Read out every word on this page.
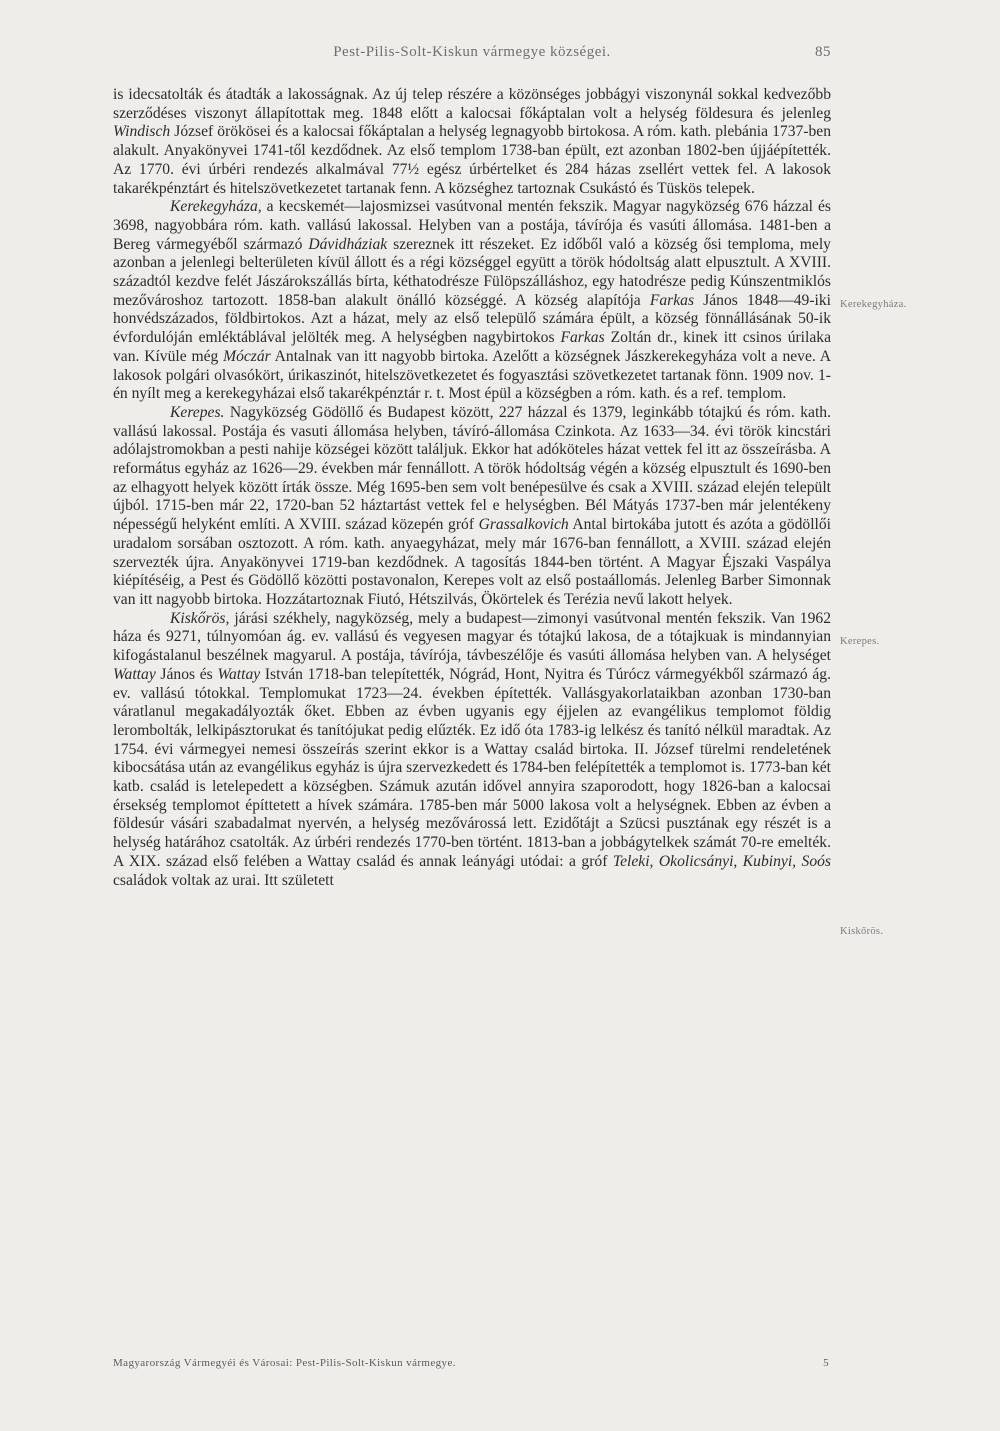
Pest-Pilis-Solt-Kiskun vármegye községei.	85

is idecsatolták és átadták a lakosságnak. Az új telep részére a közönséges jobbágyi viszonynál sokkal kedvezőbb szerződéses viszonyt állapítottak meg. 1848 előtt a kalocsai főkáptalan volt a helység földesura és jelenleg Windisch József örökösei és a kalocsai főkáptalan a helység legnagyobb birtokosa. A róm. kath. plebánia 1737-ben alakult. Anyakönyvei 1741-től kezdődnek. Az első templom 1738-ban épült, ezt azonban 1802-ben újjáépítették. Az 1770. évi úrbéri rendezés alkalmával 77½ egész úrbértelket és 284 házas zsellért vettek fel. A lakosok takarékpénztárt és hitelszövetkezetet tartanak fenn. A községhez tartoznak Csukástó és Tüskös telepek.

Kerekegyháza, a kecskemét—lajosmizsei vasútvonal mentén fekszik. Magyar nagyközség 676 házzal és 3698, nagyobbára róm. kath. vallású lakossal. Helyben van a postája, távírója és vasúti állomása. 1481-ben a Bereg vármegyéből származó Dávidháziak szereznek itt részeket. Ez időből való a község ősi temploma, mely azonban a jelenlegi belterületen kívül állott és a régi községgel együtt a török hódoltság alatt elpusztult. A XVIII. századtól kezdve felét Jászárokszállás bírta, kéthatodrésze Fülöpszálláshoz, egy hatodrésze pedig Kúnszentmiklós mezővároshoz tartozott. 1858-ban alakult önálló községgé. A község alapítója Farkas János 1848—49-iki honvédszázados, földbirtokos. Azt a házat, mely az első települő számára épült, a község fönnállásának 50-ik évfordulóján emléktáblával jelölték meg. A helységben nagybirtokos Farkas Zoltán dr., kinek itt csinos úrilaka van. Kívüle még Móczár Antalnak van itt nagyobb birtoka. Azelőtt a községnek Jászkerekegyháza volt a neve. A lakosok polgári olvasókört, úrikaszinót, hitelszövetkezetet és fogyasztási szövetkezetet tartanak fönn. 1909 nov. 1-én nyílt meg a kerekegyházai első takarékpénztár r. t. Most épül a községben a róm. kath. és a ref. templom.

Kerepes. Nagyközség Gödöllő és Budapest között, 227 házzal és 1379, leginkább tótajkú és róm. kath. vallású lakossal. Postája és vasuti állomása helyben, távíró-állomása Czinkota. Az 1633—34. évi török kincstári adólajstromokban a pesti nahije községei között találjuk. Ekkor hat adóköteles házat vettek fel itt az összeírásba. A református egyház az 1626—29. években már fennállott. A török hódoltság végén a község elpusztult és 1690-ben az elhagyott helyek között írták össze. Még 1695-ben sem volt benépesülve és csak a XVIII. század elején települt újból. 1715-ben már 22, 1720-ban 52 háztartást vettek fel e helységben. Bél Mátyás 1737-ben már jelentékeny népességű helyként említi. A XVIII. század közepén gróf Grassalkovich Antal birtokába jutott és azóta a gödöllői uradalom sorsában osztozott. A róm. kath. anyaegyházat, mely már 1676-ban fennállott, a XVIII. század elején szervezték újra. Anyakönyvei 1719-ban kezdődnek. A tagosítás 1844-ben történt. A Magyar Éjszaki Vaspálya kiépítéséig, a Pest és Gödöllő közötti postavonalon, Kerepes volt az első postaállomás. Jelenleg Barber Simonnak van itt nagyobb birtoka. Hozzátartoznak Fiutó, Hétszilvás, Ökörtelek és Terézia nevű lakott helyek.

Kiskőrös, járási székhely, nagyközség, mely a budapest—zimonyi vasútvonal mentén fekszik. Van 1962 háza és 9271, túlnyomóan ág. ev. vallású és vegyesen magyar és tótajkú lakosa, de a tótajkuak is mindannyian kifogástalanul beszélnek magyarul. A postája, távírója, távbeszélője és vasúti állomása helyben van. A helységet Wattay János és Wattay István 1718-ban telepítették, Nógrád, Hont, Nyitra és Túrócz vármegyékből származó ág. ev. vallású tótokkal. Templomukat 1723—24. években építették. Vallásgyakorlataikban azonban 1730-ban váratlanul megakadályozták őket. Ebben az évben ugyanis egy éjjelen az evangélikus templomot földig lerombolták, lelkipásztorukat és tanítójukat pedig elűzték. Ez idő óta 1783-ig lelkész és tanító nélkül maradtak. Az 1754. évi vármegyei nemesi összeírás szerint ekkor is a Wattay család birtoka. II. József türelmi rendeletének kibocsátása után az evangélikus egyház is újra szervezkedett és 1784-ben felépítették a templomot is. 1773-ban két katb. család is letelepedett a községben. Számuk azután idővel annyira szaporodott, hogy 1826-ban a kalocsai érsekség templomot építtetett a hívek számára. 1785-ben már 5000 lakosa volt a helységnek. Ebben az évben a földesúr vásári szabadalmat nyervén, a helység mezővárossá lett. Ezidőtájt a Szücsi pusztának egy részét is a helység határához csatolták. Az úrbéri rendezés 1770-ben történt. 1813-ban a jobbágytelkek számát 70-re emelték. A XIX. század első felében a Wattay család és annak leányági utódai: a gróf Teleki, Okolicsányi, Kubinyi, Soós családok voltak az urai. Itt született

Kerekegyháza.
Kerepes.
Kiskőrös.
Magyarország Vármegyéi és Városai: Pest-Pilis-Solt-Kiskun vármegye.	5
